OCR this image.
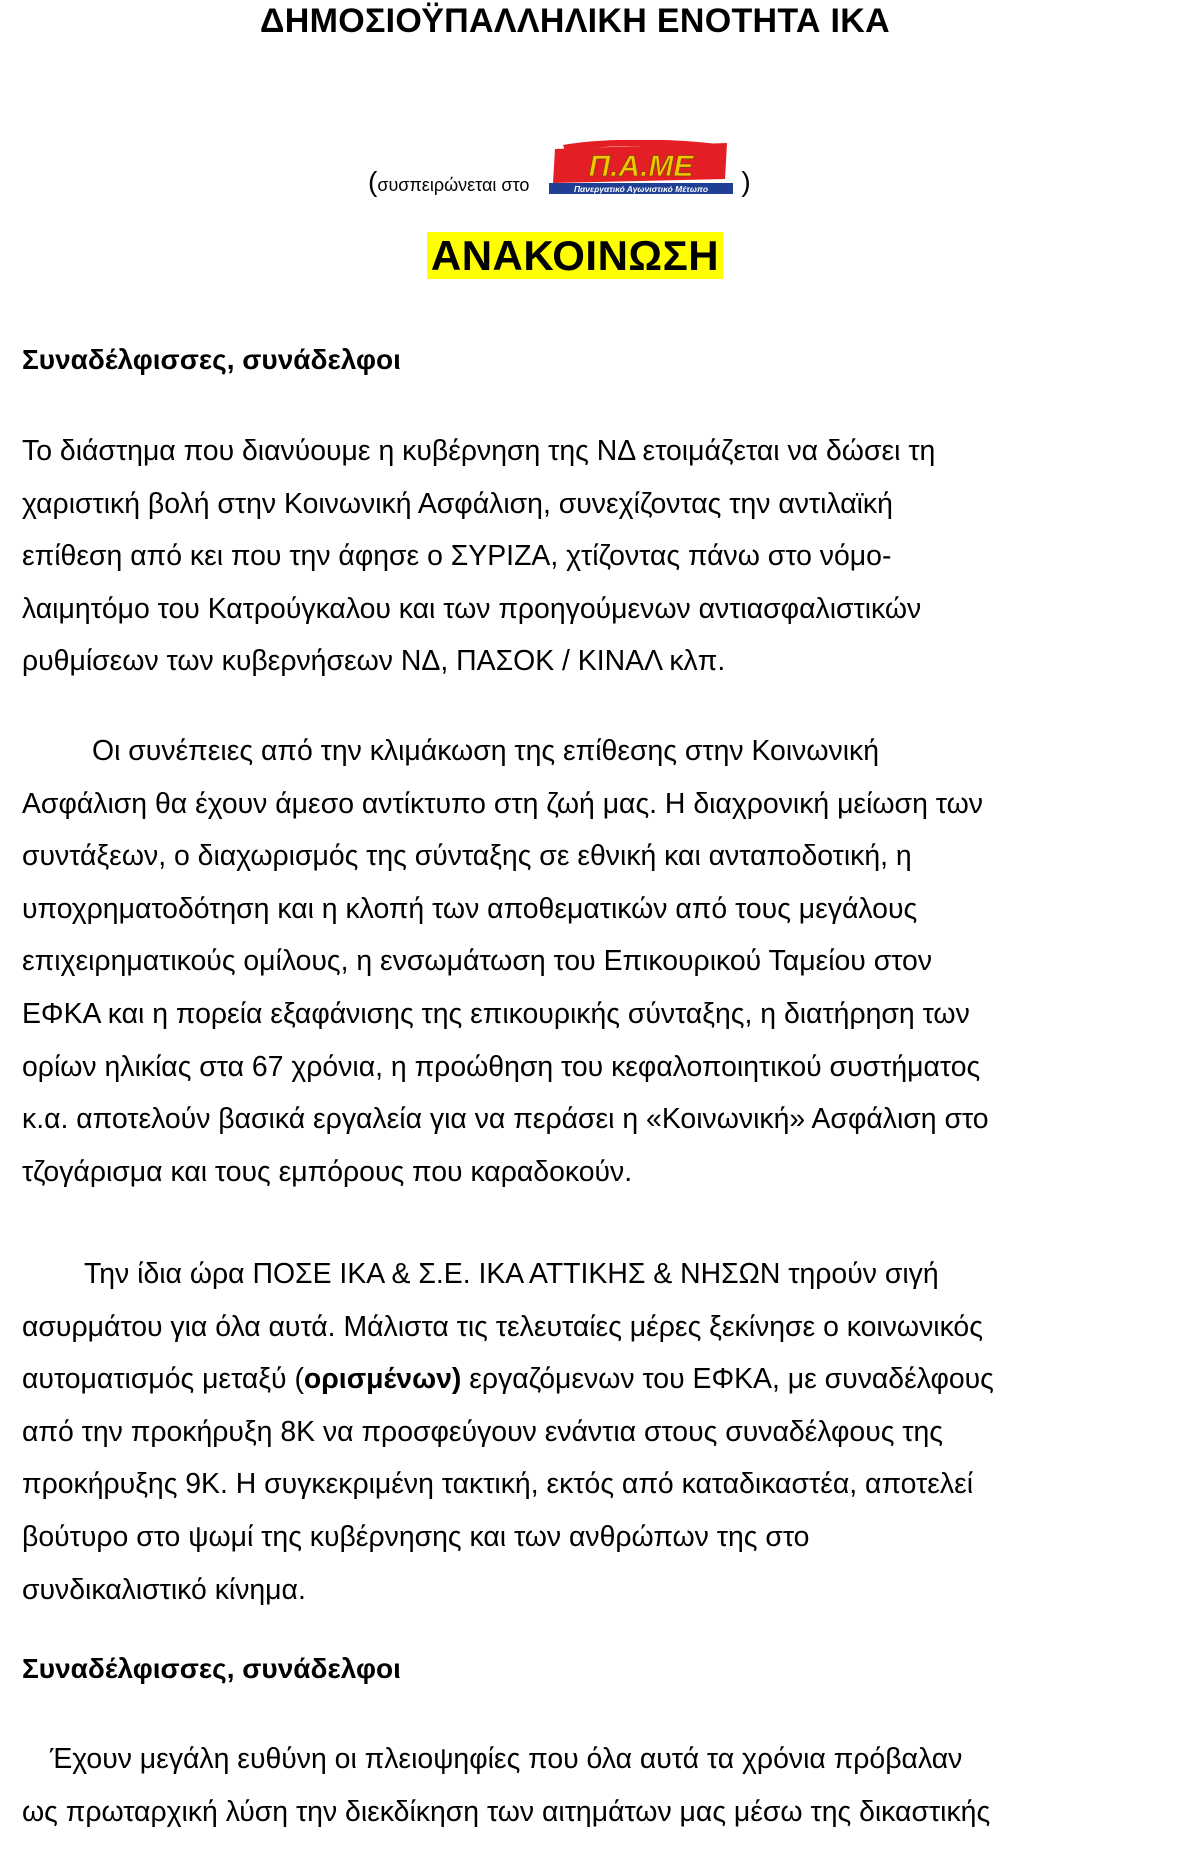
ΔΗΜΟΣΙΟΫΠΑΛΛΗΛΙΚΗ ΕΝΟΤΗΤΑ ΙΚΑ
( συσπειρώνεται στο
Π.Α.ΜΕ
Πανεργατικό Αγωνιστικό Μέτωπο )
ΑΝΑΚΟΙΝΩΣΗ
Συναδέλφισσες, συνάδελφοι
Το διάστημα που διανύουμε η κυβέρνηση της ΝΔ ετοιμάζεται να δώσει τη
χαριστική βολή στην Κοινωνική Ασφάλιση, συνεχίζοντας την αντιλαϊκή
επίθεση από κει που την άφησε ο ΣΥΡΙΖΑ, χτίζοντας πάνω στο νόμο-
λαιμητόμο του Κατρούγκαλου και των προηγούμενων αντιασφαλιστικών
ρυθμίσεων των κυβερνήσεων ΝΔ, ΠΑΣΟΚ / ΚΙΝΑΛ κλπ.
Οι συνέπειες από την κλιμάκωση της επίθεσης στην Κοινωνική
Ασφάλιση θα έχουν άμεσο αντίκτυπο στη ζωή μας. Η διαχρονική μείωση των
συντάξεων, ο διαχωρισμός της σύνταξης σε εθνική και ανταποδοτική, η
υποχρηματοδότηση και η κλοπή των αποθεματικών από τους μεγάλους
επιχειρηματικούς ομίλους, η ενσωμάτωση του Επικουρικού Ταμείου στον
ΕΦΚΑ και η πορεία εξαφάνισης της επικουρικής σύνταξης, η διατήρηση των
ορίων ηλικίας στα 67 χρόνια, η προώθηση του κεφαλοποιητικού συστήματος
κ.α. αποτελούν βασικά εργαλεία για να περάσει η «Κοινωνική» Ασφάλιση στο
τζογάρισμα και τους εμπόρους που καραδοκούν.
Την ίδια ώρα ΠΟΣΕ ΙΚΑ & Σ.Ε. ΙΚΑ ΑΤΤΙΚΗΣ & ΝΗΣΩΝ τηρούν σιγή
ασυρμάτου για όλα αυτά. Μάλιστα τις τελευταίες μέρες ξεκίνησε ο κοινωνικός
αυτοματισμός μεταξύ (ορισμένων) εργαζόμενων του ΕΦΚΑ, με συναδέλφους
από την προκήρυξη 8Κ να προσφεύγουν ενάντια στους συναδέλφους της
προκήρυξης 9Κ. Η συγκεκριμένη τακτική, εκτός από καταδικαστέα, αποτελεί
βούτυρο στο ψωμί της κυβέρνησης και των ανθρώπων της στο
συνδικαλιστικό κίνημα.
Συναδέλφισσες, συνάδελφοι
Έχουν μεγάλη ευθύνη οι πλειοψηφίες που όλα αυτά τα χρόνια πρόβαλαν
ως πρωταρχική λύση την διεκδίκηση των αιτημάτων μας μέσω της δικαστικής
